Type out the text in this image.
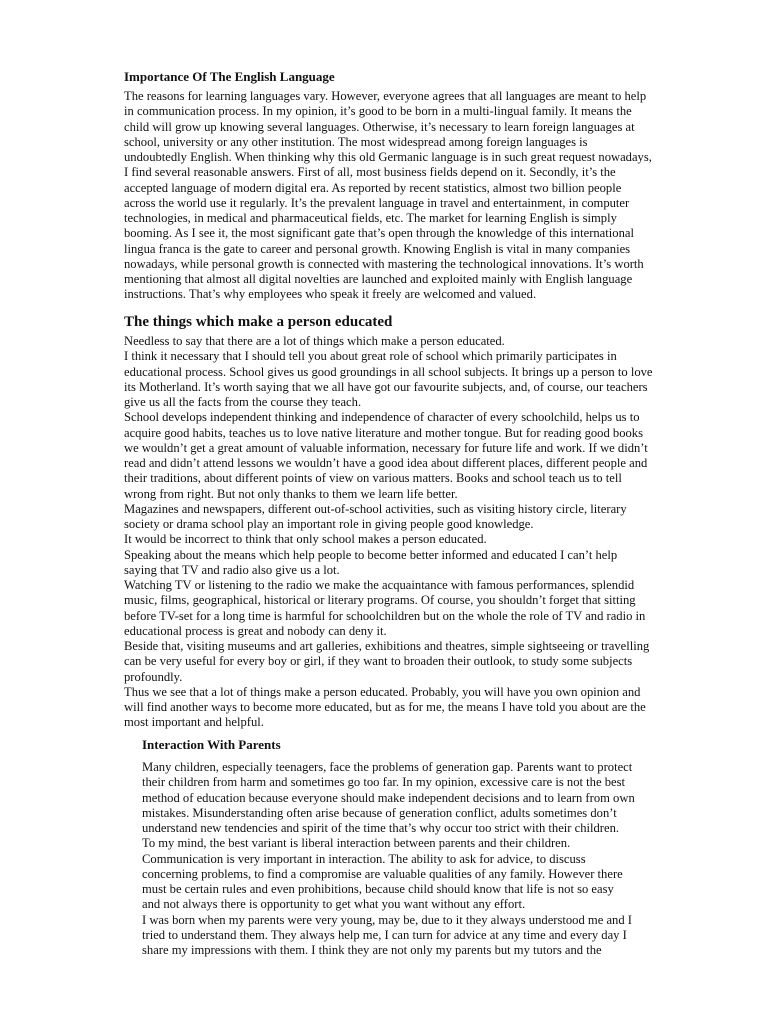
Importance Of The English Language

The reasons for learning languages vary. However, everyone agrees that all languages are meant to help

in communication process. In my opinion, it’s good to be born in a multi-lingual family. It means the

child will grow up knowing several languages. Otherwise, it’s necessary to learn foreign languages at

school, university or any other institution. The most widespread among foreign languages is

undoubtedly English. When thinking why this old Germanic language is in such great request nowadays,

I find several reasonable answers. First of all, most business fields depend on it. Secondly, it’s the

accepted language of modern digital era. As reported by recent statistics, almost two billion people

across the world use it regularly. It’s the prevalent language in travel and entertainment, in computer

technologies, in medical and pharmaceutical fields, etc. The market for learning English is simply

booming. As I see it, the most significant gate that’s open through the knowledge of this international

lingua franca is the gate to career and personal growth. Knowing English is vital in many companies

nowadays, while personal growth is connected with mastering the technological innovations. It’s worth

mentioning that almost all digital novelties are launched and exploited mainly with English language

instructions. That’s why employees who speak it freely are welcomed and valued.

The things which make a person educated

Needless to say that there are a lot of things which make a person educated.

I think it necessary that I should tell you about great role of school which primarily participates in

educational process. School gives us good groundings in all school subjects. It brings up a person to love

its Motherland. It’s worth saying that we all have got our favourite subjects, and, of course, our teachers

give us all the facts from the course they teach.

School develops independent thinking and independence of character of every schoolchild, helps us to

acquire good habits, teaches us to love native literature and mother tongue. But for reading good books

we wouldn’t get a great amount of valuable information, necessary for future life and work. If we didn’t

read and didn’t attend lessons we wouldn’t have a good idea about different places, different people and

their traditions, about different points of view on various matters. Books and school teach us to tell

wrong from right. But not only thanks to them we learn life better.

Magazines and newspapers, different out-of-school activities, such as visiting history circle, literary

society or drama school play an important role in giving people good knowledge.

It would be incorrect to think that only school makes a person educated.

Speaking about the means which help people to become better informed and educated I can’t help

saying that TV and radio also give us a lot.

Watching TV or listening to the radio we make the acquaintance with famous performances, splendid

music, films, geographical, historical or literary programs. Of course, you shouldn’t forget that sitting

before TV-set for a long time is harmful for schoolchildren but on the whole the role of TV and radio in

educational process is great and nobody can deny it.

Beside that, visiting museums and art galleries, exhibitions and theatres, simple sightseeing or travelling

can be very useful for every boy or girl, if they want to broaden their outlook, to study some subjects

profoundly.

Thus we see that a lot of things make a person educated. Probably, you will have you own opinion and

will find another ways to become more educated, but as for me, the means I have told you about are the

most important and helpful.

Interaction With Parents

Many children, especially teenagers, face the problems of generation gap. Parents want to protect

their children from harm and sometimes go too far. In my opinion, excessive care is not the best

method of education because everyone should make independent decisions and to learn from own

mistakes. Misunderstanding often arise because of generation conflict, adults sometimes don’t

understand new tendencies and spirit of the time that’s why occur too strict with their children.

To my mind, the best variant is liberal interaction between parents and their children.

Communication is very important in interaction. The ability to ask for advice, to discuss

concerning problems, to find a compromise are valuable qualities of any family. However there

must be certain rules and even prohibitions, because child should know that life is not so easy

and not always there is opportunity to get what you want without any effort.

I was born when my parents were very young, may be, due to it they always understood me and I

tried to understand them. They always help me, I can turn for advice at any time and every day I

share my impressions with them. I think they are not only my parents but my tutors and the
